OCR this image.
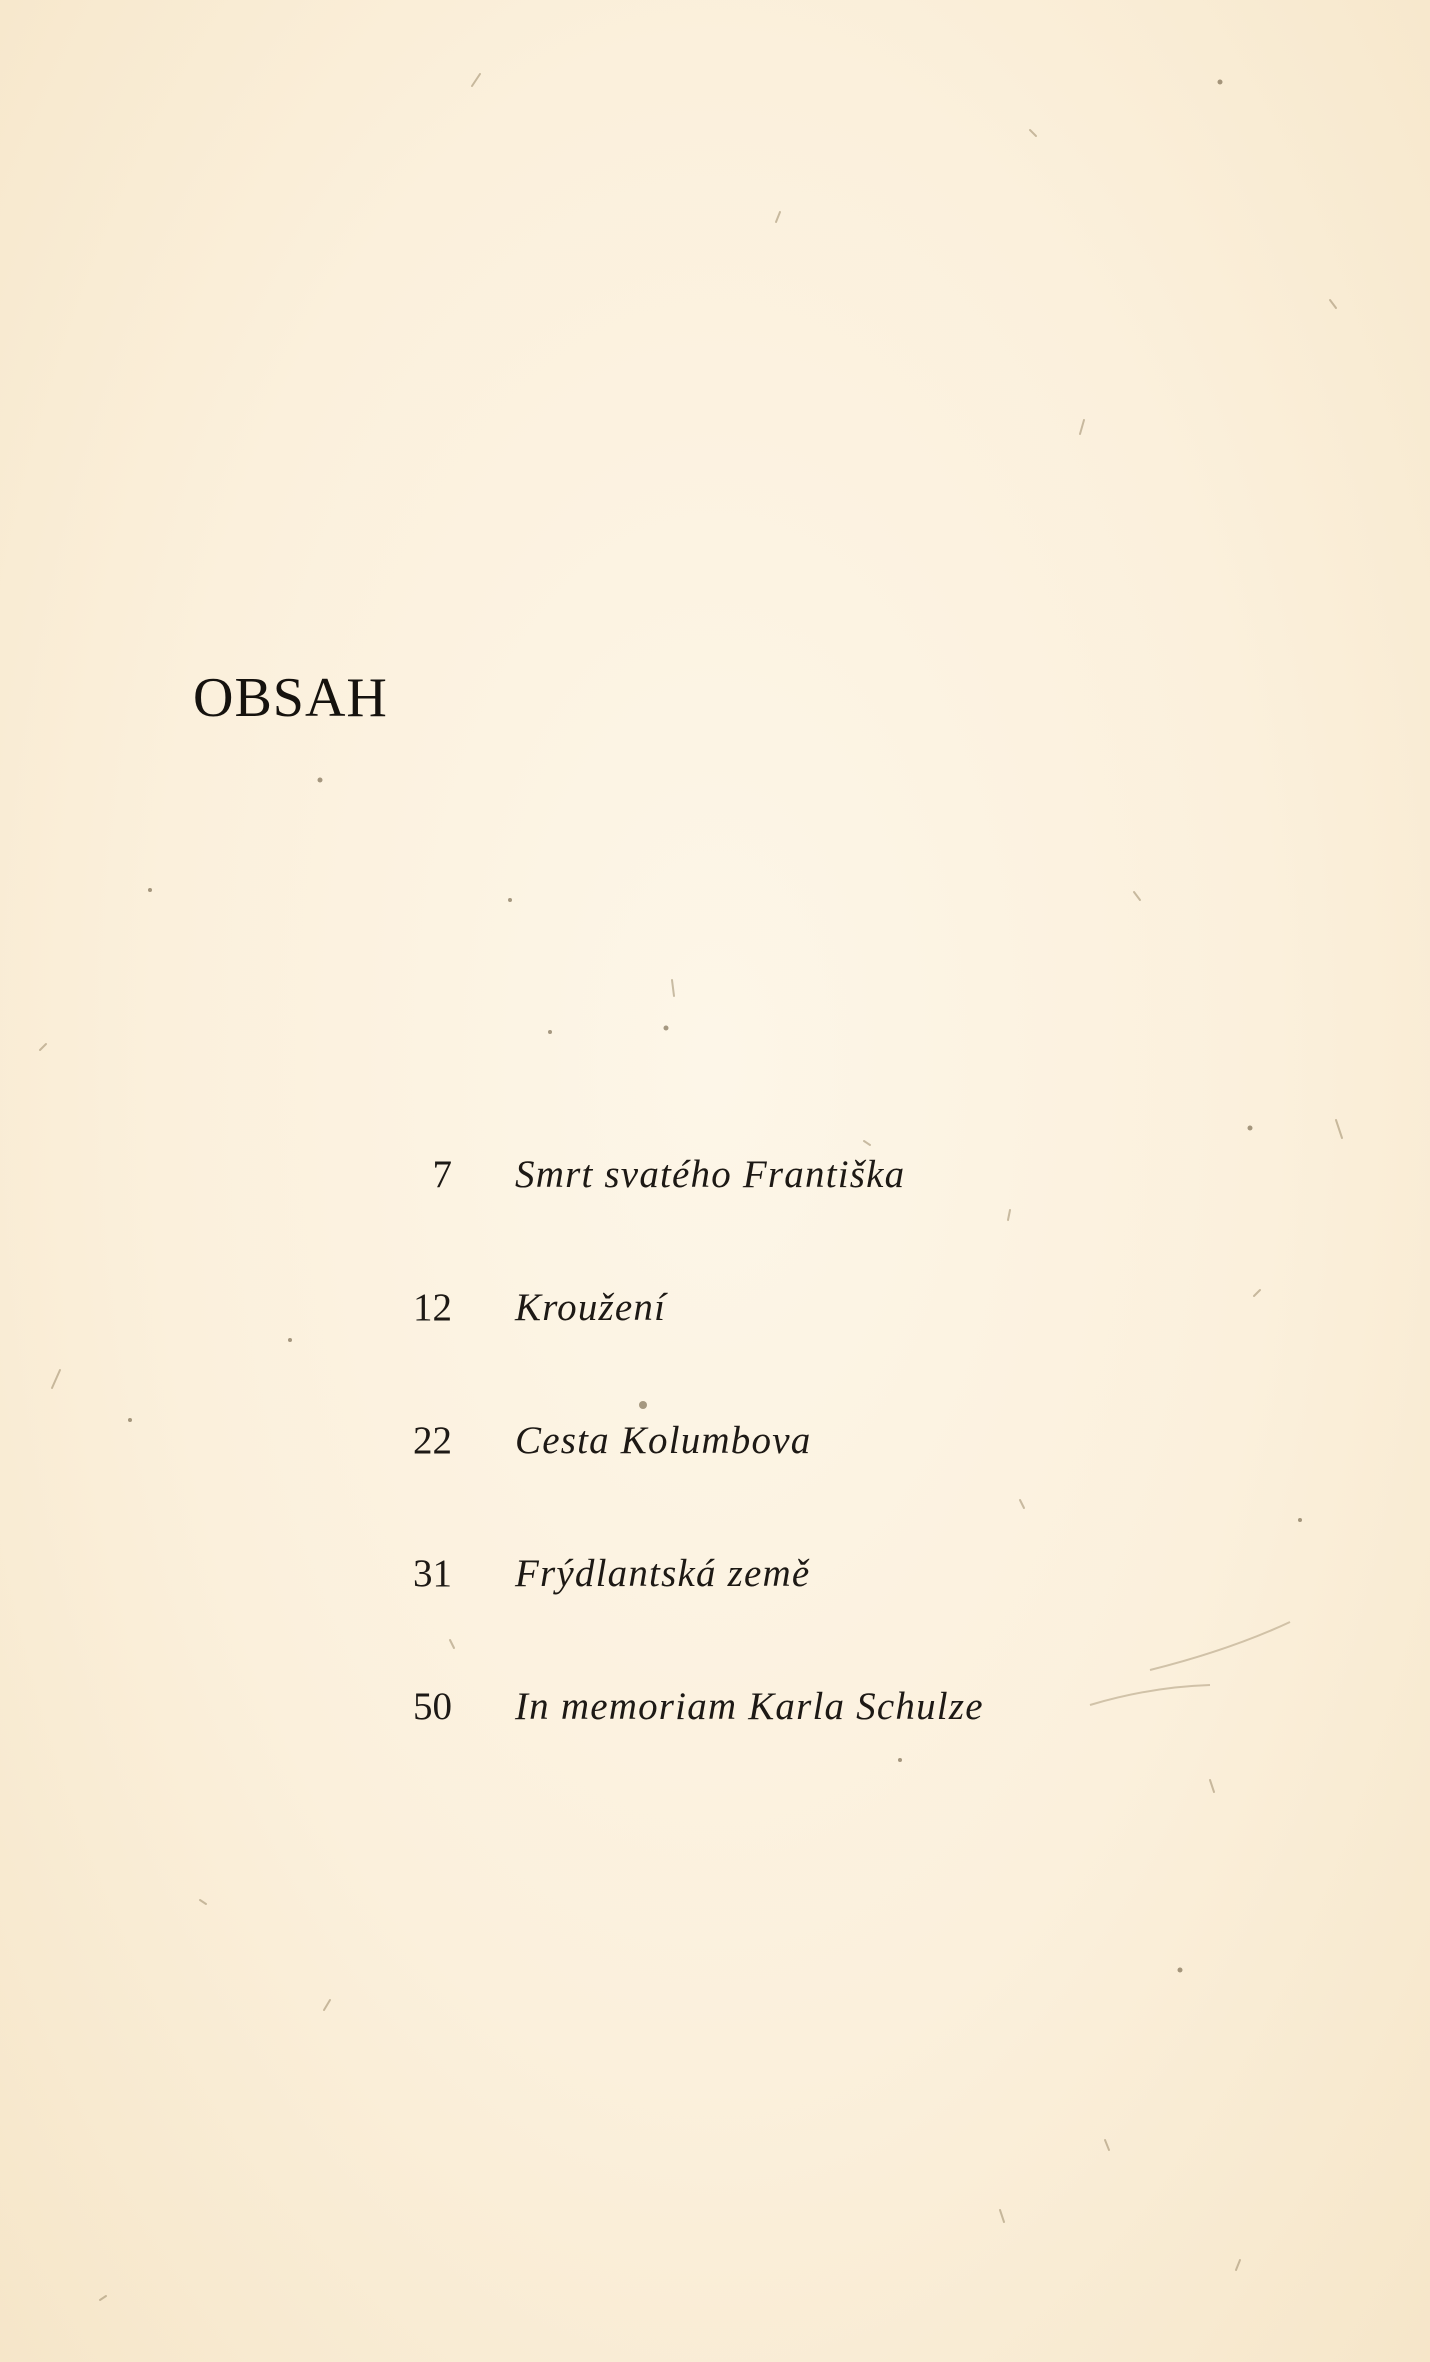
OBSAH
7 Smrt svatého Františka
12 Kroužení
22 Cesta Kolumbova
31 Frýdlantská země
50 In memoriam Karla Schulze
